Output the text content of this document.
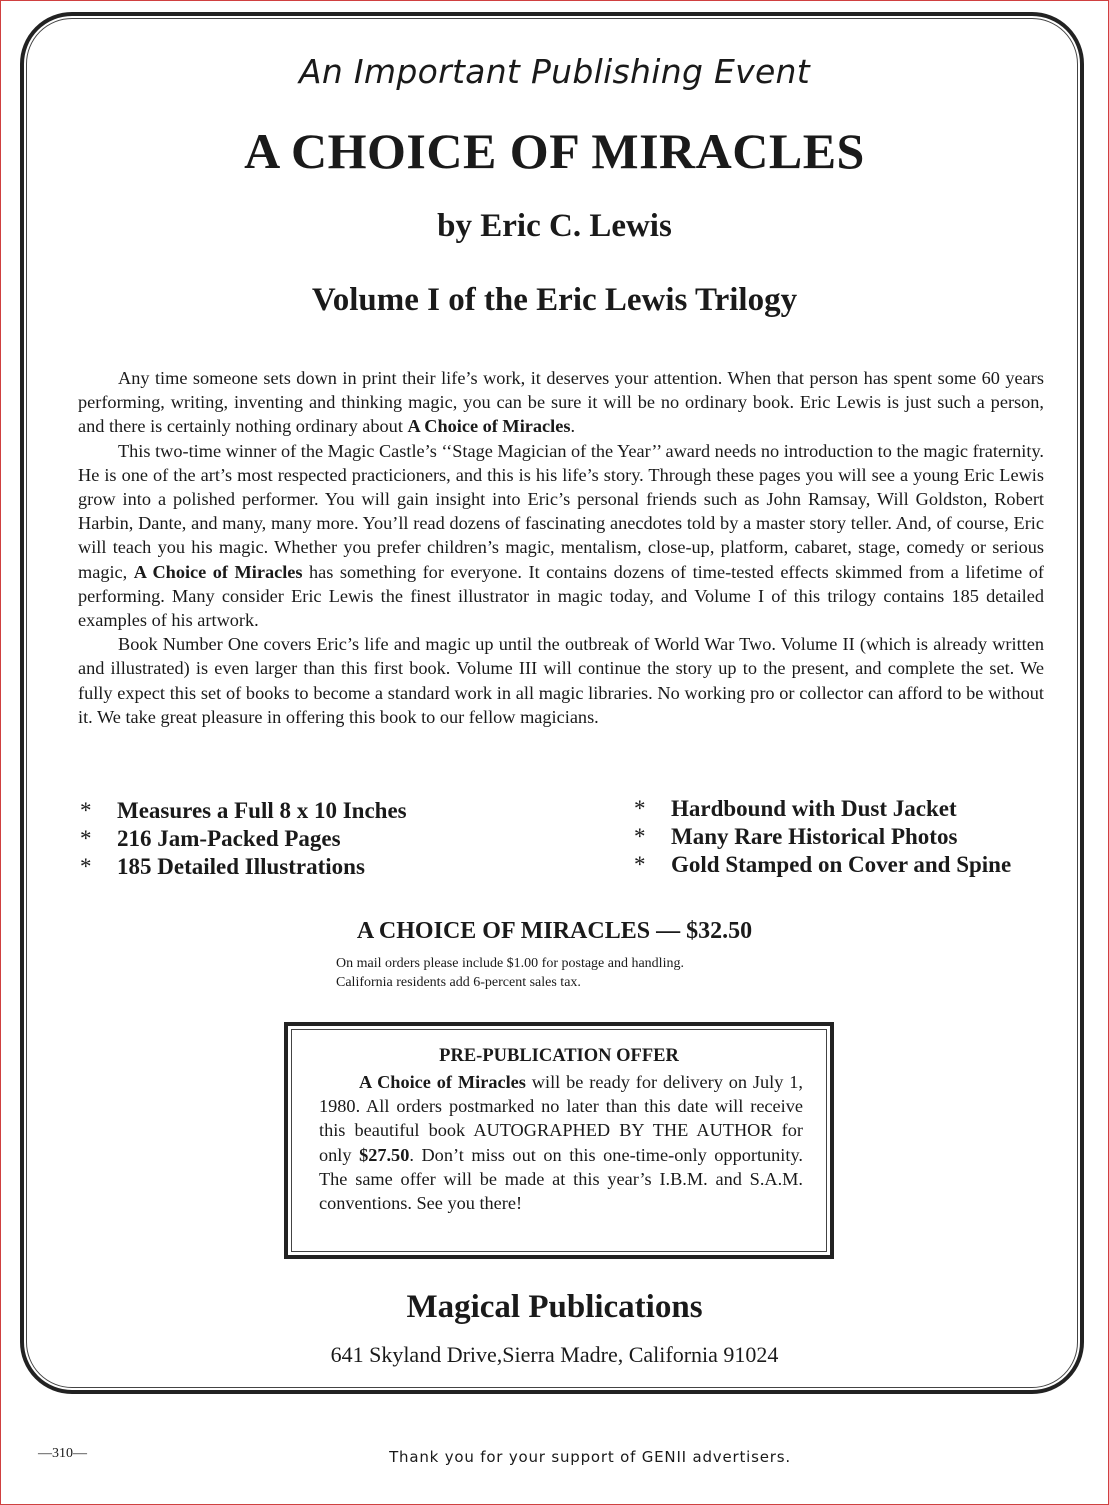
An Important Publishing Event
A CHOICE OF MIRACLES
by Eric C. Lewis
Volume I of the Eric Lewis Trilogy

Any time someone sets down in print their life’s work, it deserves your attention. When that person has spent some 60 years performing, writing, inventing and thinking magic, you can be sure it will be no ordinary book. Eric Lewis is just such a person, and there is certainly nothing ordinary about A Choice of Miracles.

This two-time winner of the Magic Castle’s ‘‘Stage Magician of the Year’’ award needs no introduction to the magic fraternity. He is one of the art’s most respected practicioners, and this is his life’s story. Through these pages you will see a young Eric Lewis grow into a polished performer. You will gain insight into Eric’s personal friends such as John Ramsay, Will Goldston, Robert Harbin, Dante, and many, many more. You’ll read dozens of fascinating anecdotes told by a master story teller. And, of course, Eric will teach you his magic. Whether you prefer children’s magic, mentalism, close-up, platform, cabaret, stage, comedy or serious magic, A Choice of Miracles has something for everyone. It contains dozens of time-tested effects skimmed from a lifetime of performing. Many consider Eric Lewis the finest illustrator in magic today, and Volume I of this trilogy contains 185 detailed examples of his artwork.

Book Number One covers Eric’s life and magic up until the outbreak of World War Two. Volume II (which is already written and illustrated) is even larger than this first book. Volume III will continue the story up to the present, and complete the set. We fully expect this set of books to become a standard work in all magic libraries. No working pro or collector can afford to be without it. We take great pleasure in offering this book to our fellow magicians.

* Measures a Full 8 x 10 Inches
* 216 Jam-Packed Pages
* 185 Detailed Illustrations
* Hardbound with Dust Jacket
* Many Rare Historical Photos
* Gold Stamped on Cover and Spine
A CHOICE OF MIRACLES — $32.50
On mail orders please include $1.00 for postage and handling.
California residents add 6-percent sales tax.
PRE-PUBLICATION OFFER

A Choice of Miracles will be ready for delivery on July 1, 1980. All orders postmarked no later than this date will receive this beautiful book AUTOGRAPHED BY THE AUTHOR for only $27.50. Don’t miss out on this one-time-only opportunity. The same offer will be made at this year’s I.B.M. and S.A.M. conventions. See you there!

Magical Publications
641 Skyland Drive,Sierra Madre, California 91024
—310—	Thank you for your support of GENII advertisers.
